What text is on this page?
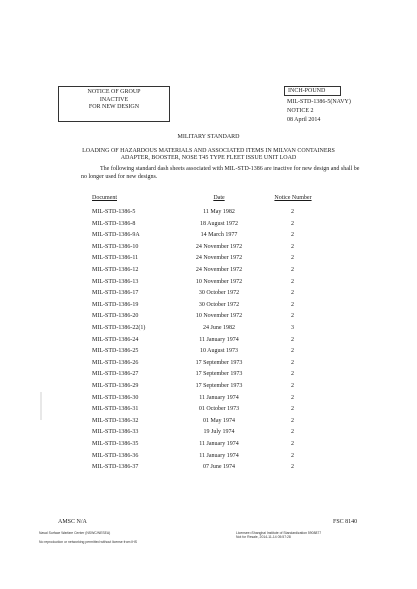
NOTICE OF GROUP
INACTIVE
FOR NEW DESIGN
INCH-POUND
MIL-STD-1386-5(NAVY)
NOTICE 2
08 April 2014
MILITARY STANDARD
LOADING OF HAZARDOUS MATERIALS AND ASSOCIATED ITEMS IN MILVAN CONTAINERS
ADAPTER, BOOSTER, NOSE T45 TYPE FLEET ISSUE UNIT LOAD
The following standard dash sheets associated with MIL-STD-1386 are inactive for new design and shall be no longer used for new designs.
Document	Date	Notice Number
MIL-STD-1386-5	11 May 1982	2
MIL-STD-1386-8	18 August 1972	2
MIL-STD-1386-9A	14 March 1977	2
MIL-STD-1386-10	24 November 1972	2
MIL-STD-1386-11	24 November 1972	2
MIL-STD-1386-12	24 November 1972	2
MIL-STD-1386-13	10 November 1972	2
MIL-STD-1386-17	30 October 1972	2
MIL-STD-1386-19	30 October 1972	2
MIL-STD-1386-20	10 November 1972	2
MIL-STD-1386-22(1)	24 June 1982	3
MIL-STD-1386-24	11 January 1974	2
MIL-STD-1386-25	10 August 1973	2
MIL-STD-1386-26	17 September 1973	2
MIL-STD-1386-27	17 September 1973	2
MIL-STD-1386-29	17 September 1973	2
MIL-STD-1386-30	11 January 1974	2
MIL-STD-1386-31	01 October 1973	2
MIL-STD-1386-32	01 May 1974	2
MIL-STD-1386-33	19 July 1974	2
MIL-STD-1386-35	11 January 1974	2
MIL-STD-1386-36	11 January 1974	2
MIL-STD-1386-37	07 June 1974	2
AMSC N/A	FSC 8140
Naval Surface Warfare Center (NSWC/NESEA)
No reproduction or networking permitted without license from IHS
Licensee=Shanghai Institute of Standardization 5908877
Not for Resale, 2014-11-14 05:57:28
